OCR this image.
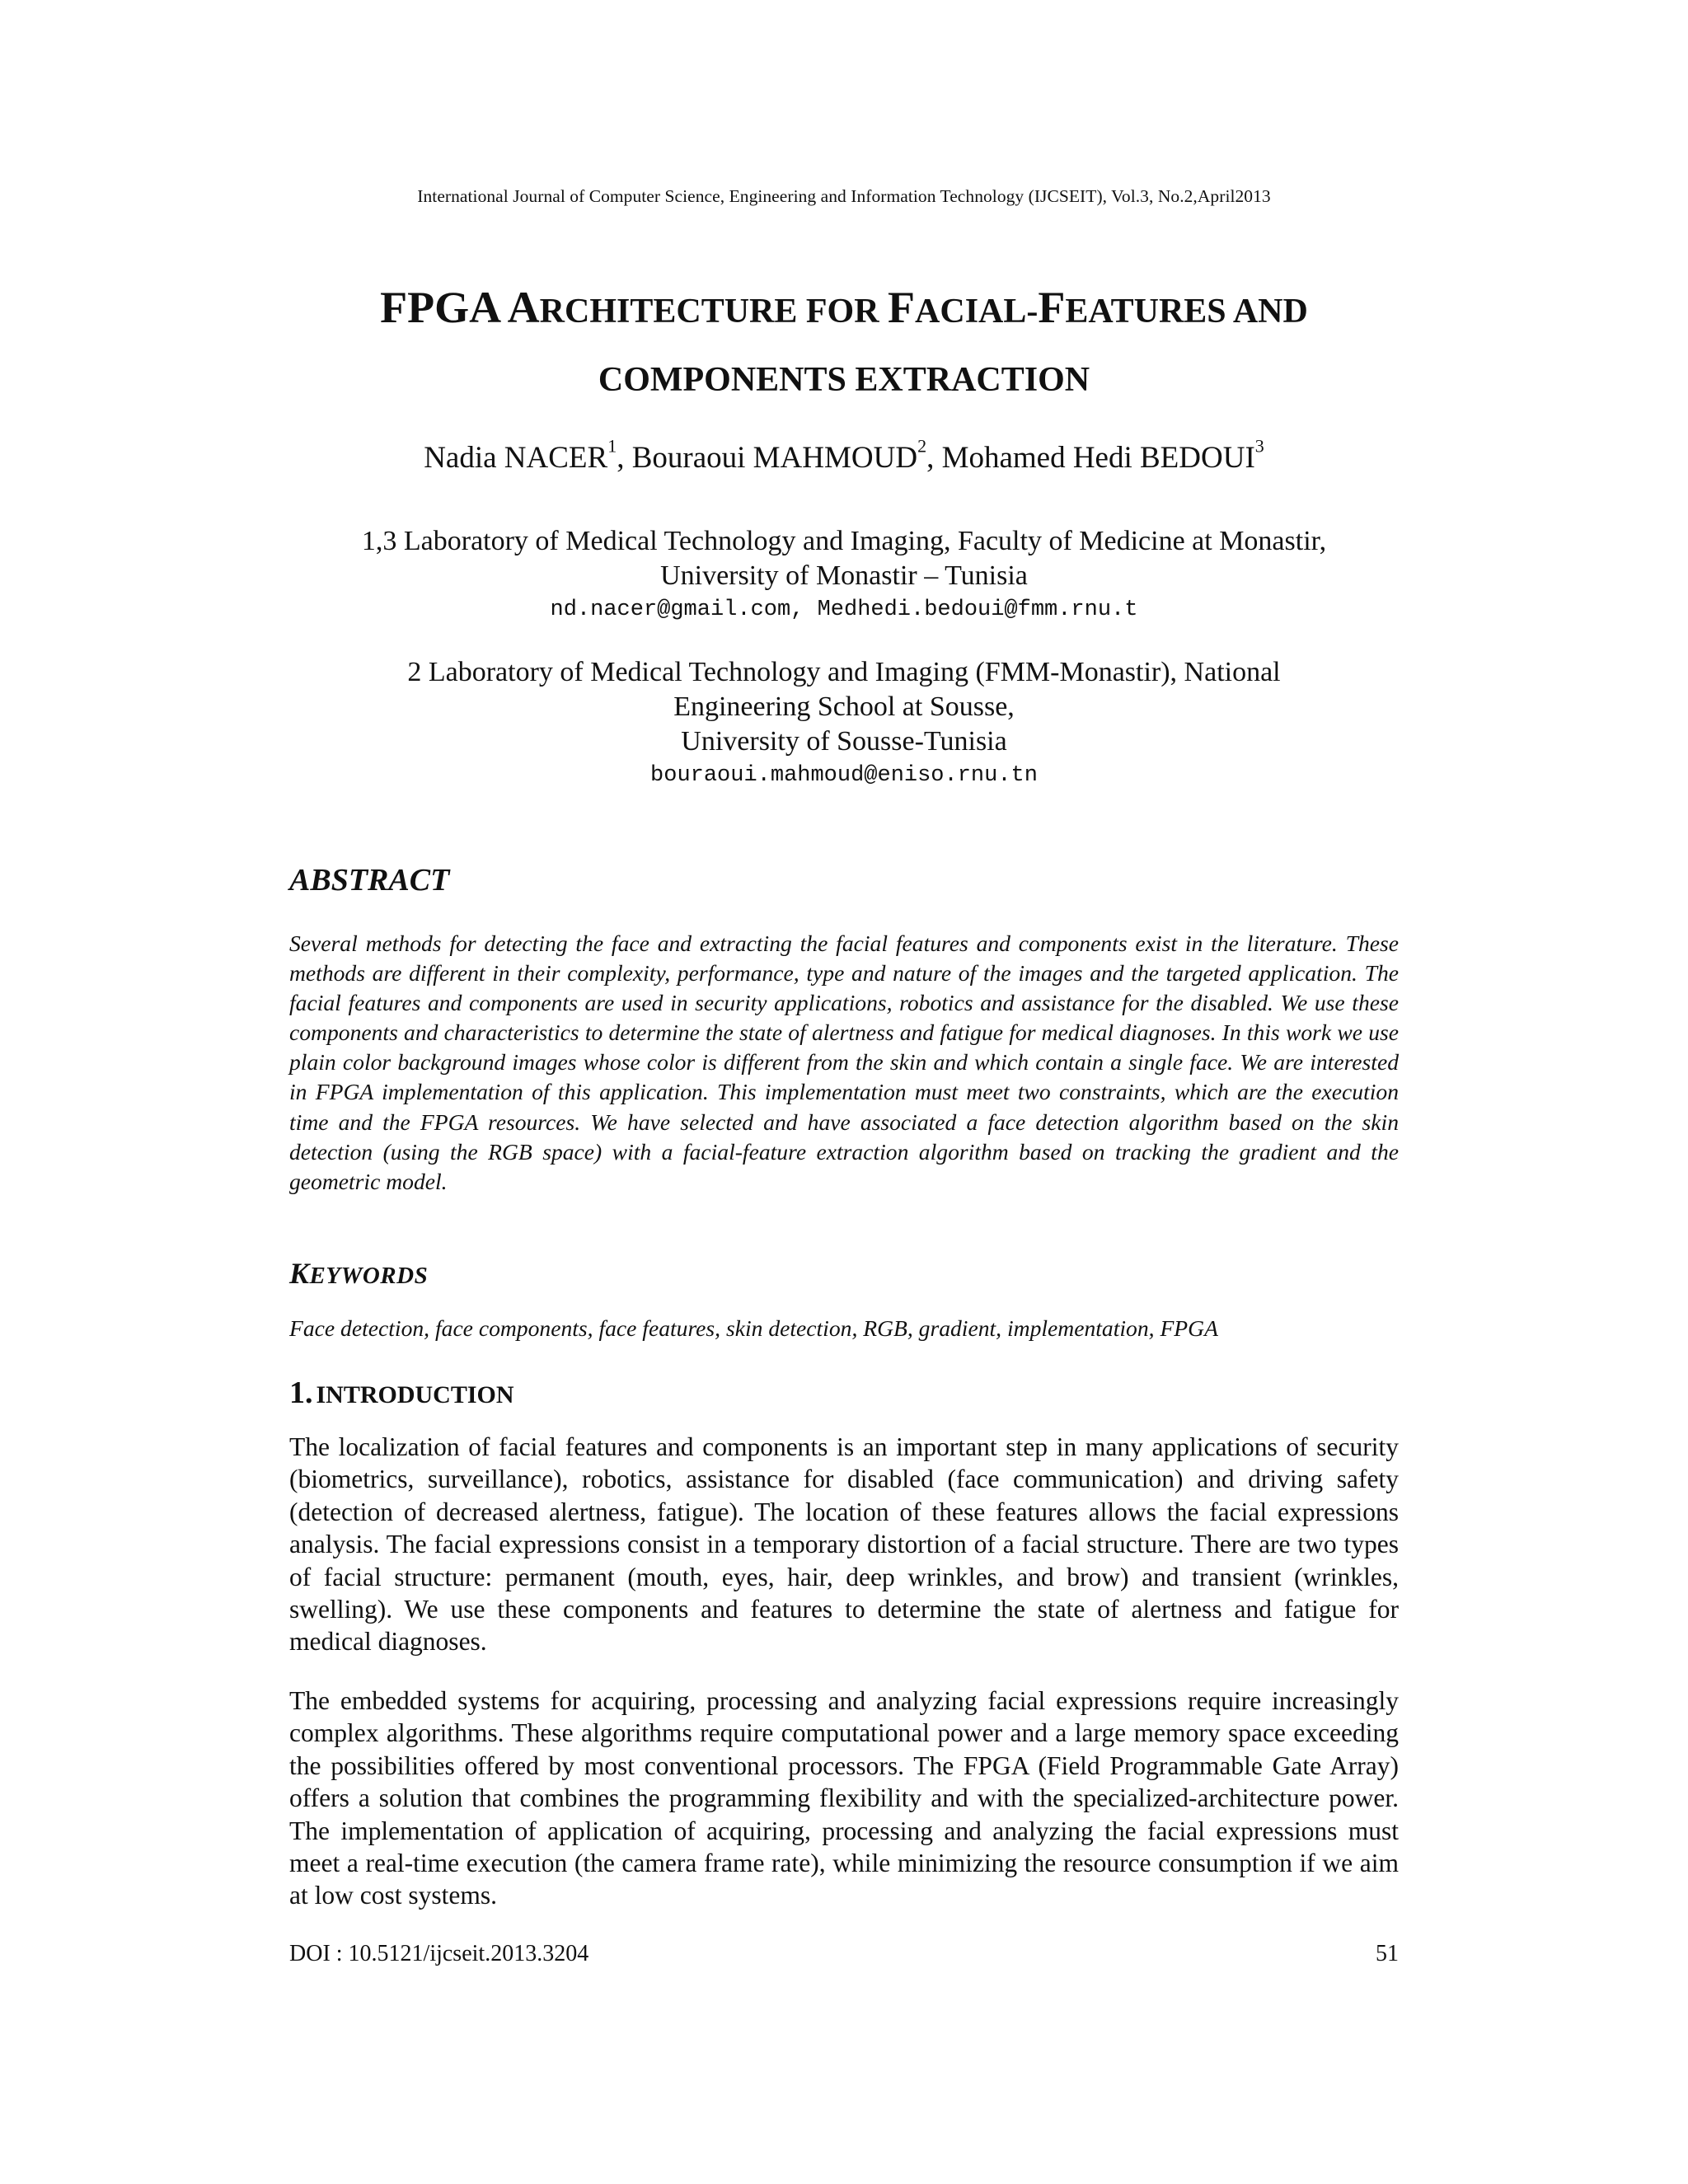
International Journal of Computer Science, Engineering and Information Technology (IJCSEIT), Vol.3, No.2,April2013
FPGA ARCHITECTURE FOR FACIAL-FEATURES AND
COMPONENTS EXTRACTION
Nadia NACER$^1$, Bouraoui MAHMOUD$^2$, Mohamed Hedi BEDOUI$^3$
1,3 Laboratory of Medical Technology and Imaging, Faculty of Medicine at Monastir,
University of Monastir – Tunisia
nd.nacer@gmail.com, Medhedi.bedoui@fmm.rnu.t
2 Laboratory of Medical Technology and Imaging (FMM-Monastir), National
Engineering School at Sousse,
University of Sousse-Tunisia
bouraoui.mahmoud@eniso.rnu.tn
ABSTRACT
Several methods for detecting the face and extracting the facial features and components exist in the literature. These methods are different in their complexity, performance, type and nature of the images and the targeted application. The facial features and components are used in security applications, robotics and assistance for the disabled. We use these components and characteristics to determine the state of alertness and fatigue for medical diagnoses. In this work we use plain color background images whose color is different from the skin and which contain a single face. We are interested in FPGA implementation of this application. This implementation must meet two constraints, which are the execution time and the FPGA resources. We have selected and have associated a face detection algorithm based on the skin detection (using the RGB space) with a facial-feature extraction algorithm based on tracking the gradient and the geometric model.
KEYWORDS
Face detection, face components, face features, skin detection, RGB, gradient, implementation, FPGA
1. INTRODUCTION
The localization of facial features and components is an important step in many applications of security (biometrics, surveillance), robotics, assistance for disabled (face communication) and driving safety (detection of decreased alertness, fatigue). The location of these features allows the facial expressions analysis. The facial expressions consist in a temporary distortion of a facial structure. There are two types of facial structure: permanent (mouth, eyes, hair, deep wrinkles, and brow) and transient (wrinkles, swelling). We use these components and features to determine the state of alertness and fatigue for medical diagnoses.
The embedded systems for acquiring, processing and analyzing facial expressions require increasingly complex algorithms. These algorithms require computational power and a large memory space exceeding the possibilities offered by most conventional processors. The FPGA (Field Programmable Gate Array) offers a solution that combines the programming flexibility and with the specialized-architecture power. The implementation of application of acquiring, processing and analyzing the facial expressions must meet a real-time execution (the camera frame rate), while minimizing the resource consumption if we aim at low cost systems.
DOI : 10.5121/ijcseit.2013.3204	51
